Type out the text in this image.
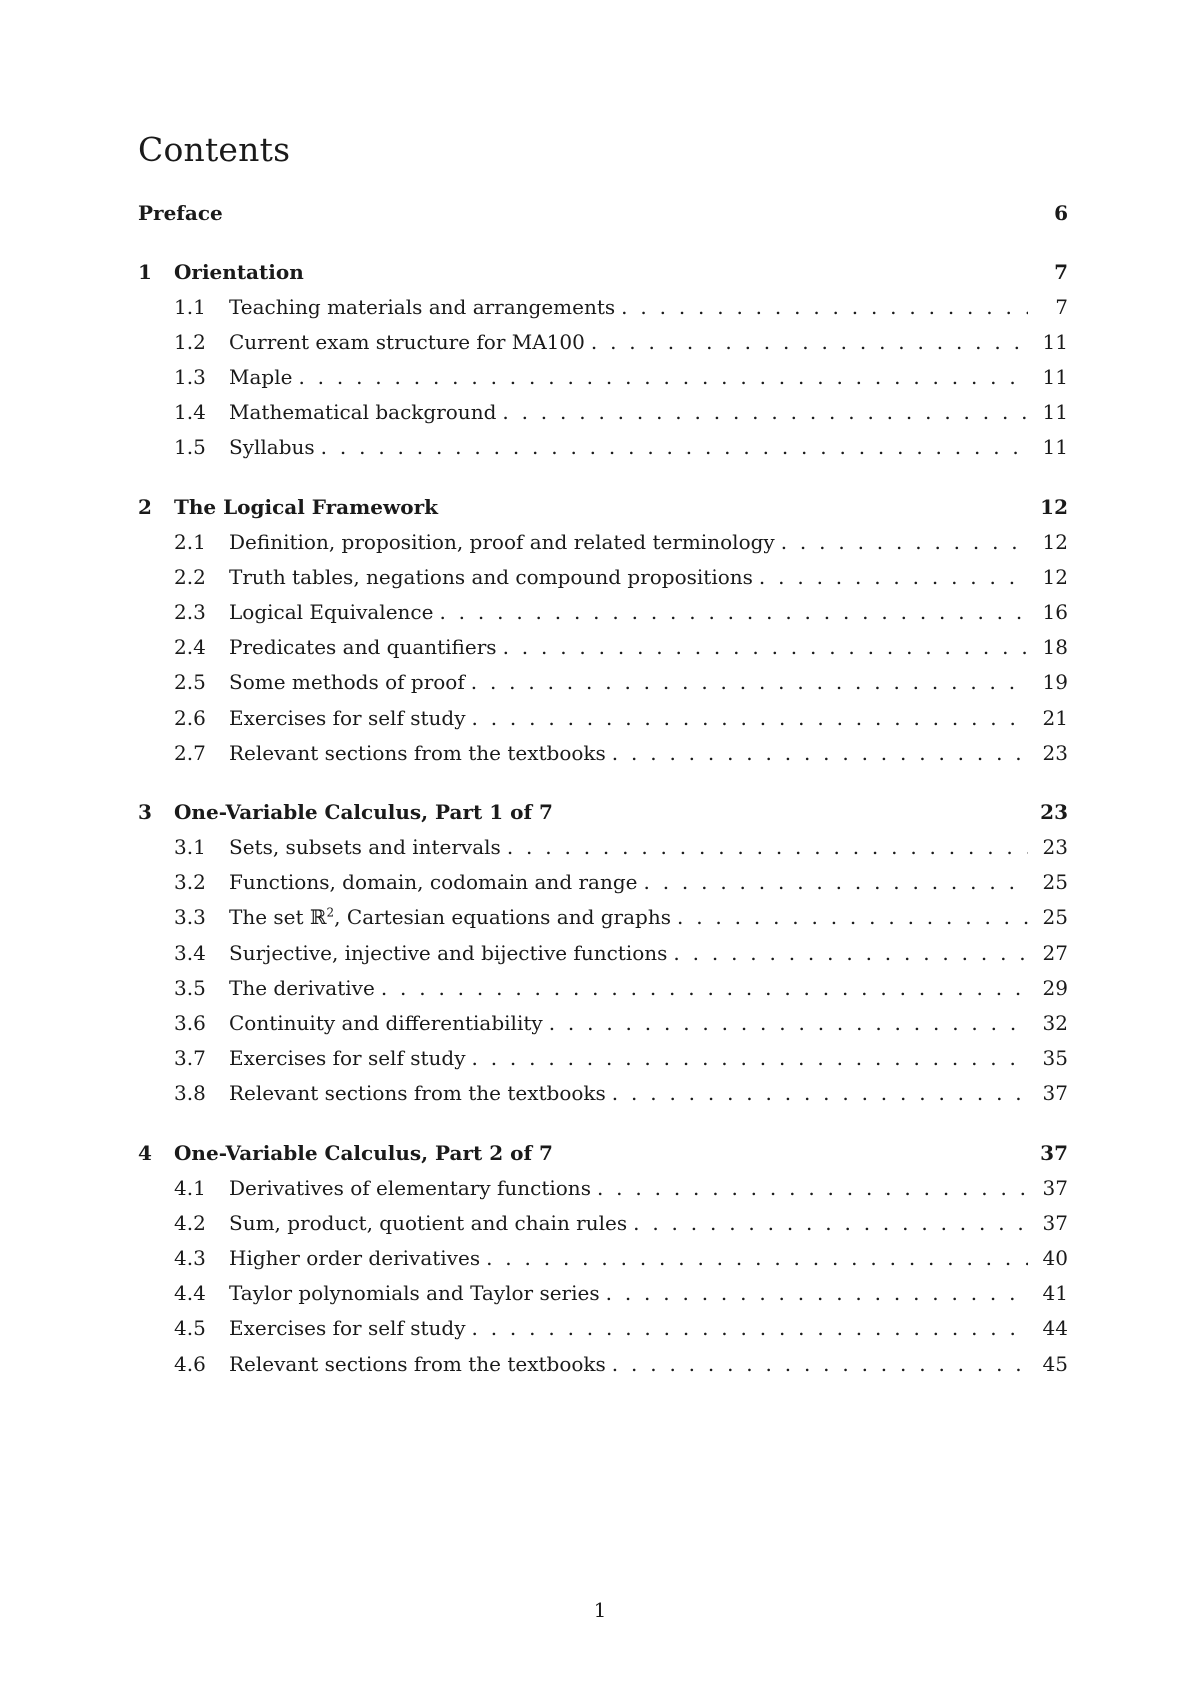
Contents
Preface	6
1	Orientation	7
1.1	Teaching materials and arrangements . . .	7
1.2	Current exam structure for MA100 . . .	11
1.3	Maple . . .	11
1.4	Mathematical background . . .	11
1.5	Syllabus . . .	11
2	The Logical Framework	12
2.1	Definition, proposition, proof and related terminology . . .	12
2.2	Truth tables, negations and compound propositions . . .	12
2.3	Logical Equivalence . . .	16
2.4	Predicates and quantifiers . . .	18
2.5	Some methods of proof . . .	19
2.6	Exercises for self study . . .	21
2.7	Relevant sections from the textbooks . . .	23
3	One-Variable Calculus, Part 1 of 7	23
3.1	Sets, subsets and intervals . . .	23
3.2	Functions, domain, codomain and range . . .	25
3.3	The set ℝ$^2$, Cartesian equations and graphs . . .	25
3.4	Surjective, injective and bijective functions . . .	27
3.5	The derivative . . .	29
3.6	Continuity and differentiability . . .	32
3.7	Exercises for self study . . .	35
3.8	Relevant sections from the textbooks . . .	37
4	One-Variable Calculus, Part 2 of 7	37
4.1	Derivatives of elementary functions . . .	37
4.2	Sum, product, quotient and chain rules . . .	37
4.3	Higher order derivatives . . .	40
4.4	Taylor polynomials and Taylor series . . .	41
4.5	Exercises for self study . . .	44
4.6	Relevant sections from the textbooks . . .	45
1
